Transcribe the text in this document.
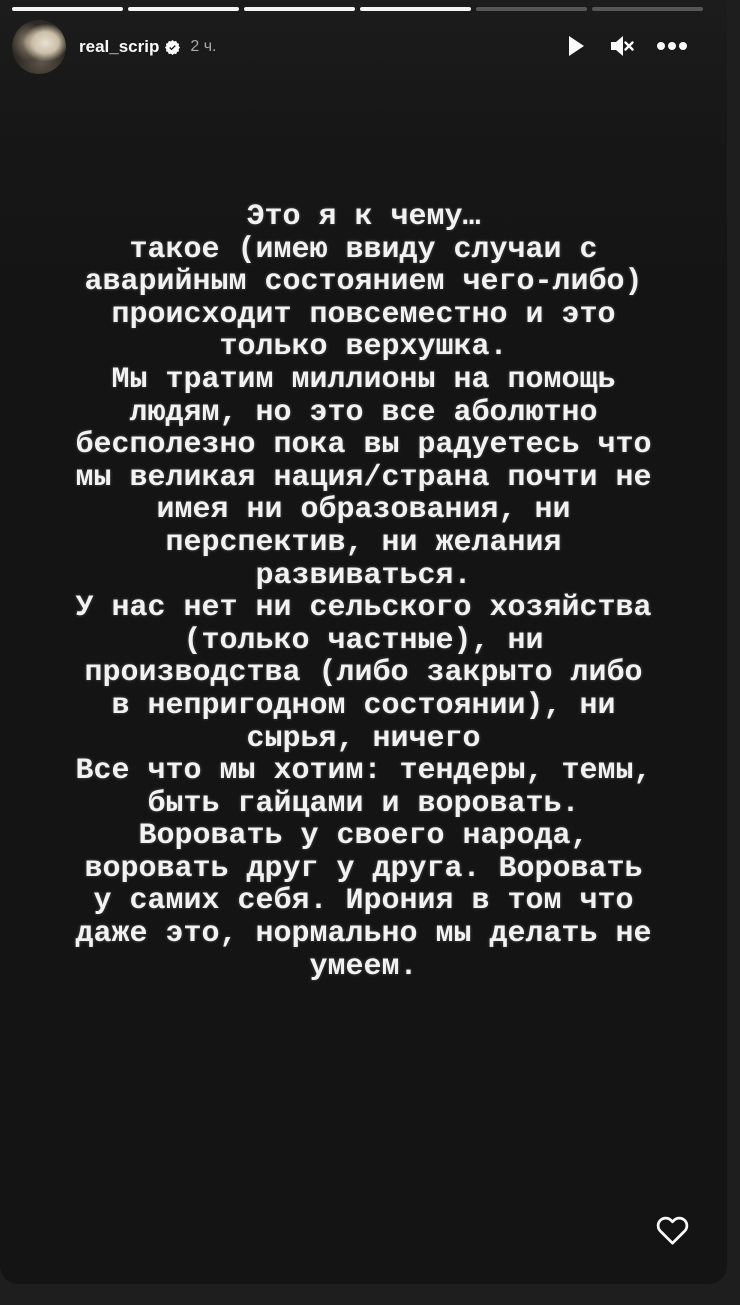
real_scrip 2 ч.
Это я к чему…
такое (имею ввиду случаи с
аварийным состоянием чего-либо)
происходит повсеместно и это
только верхушка.
Мы тратим миллионы на помощь
людям, но это все аболютно
бесполезно пока вы радуетесь что
мы великая нация/страна почти не
имея ни образования, ни
перспектив, ни желания
развиваться.
У нас нет ни сельского хозяйства
(только частные), ни
производства (либо закрыто либо
в непригодном состоянии), ни
сырья, ничего
Все что мы хотим: тендеры, темы,
быть гайцами и воровать.
Воровать у своего народа,
воровать друг у друга. Воровать
у самих себя. Ирония в том что
даже это, нормально мы делать не
умеем.
